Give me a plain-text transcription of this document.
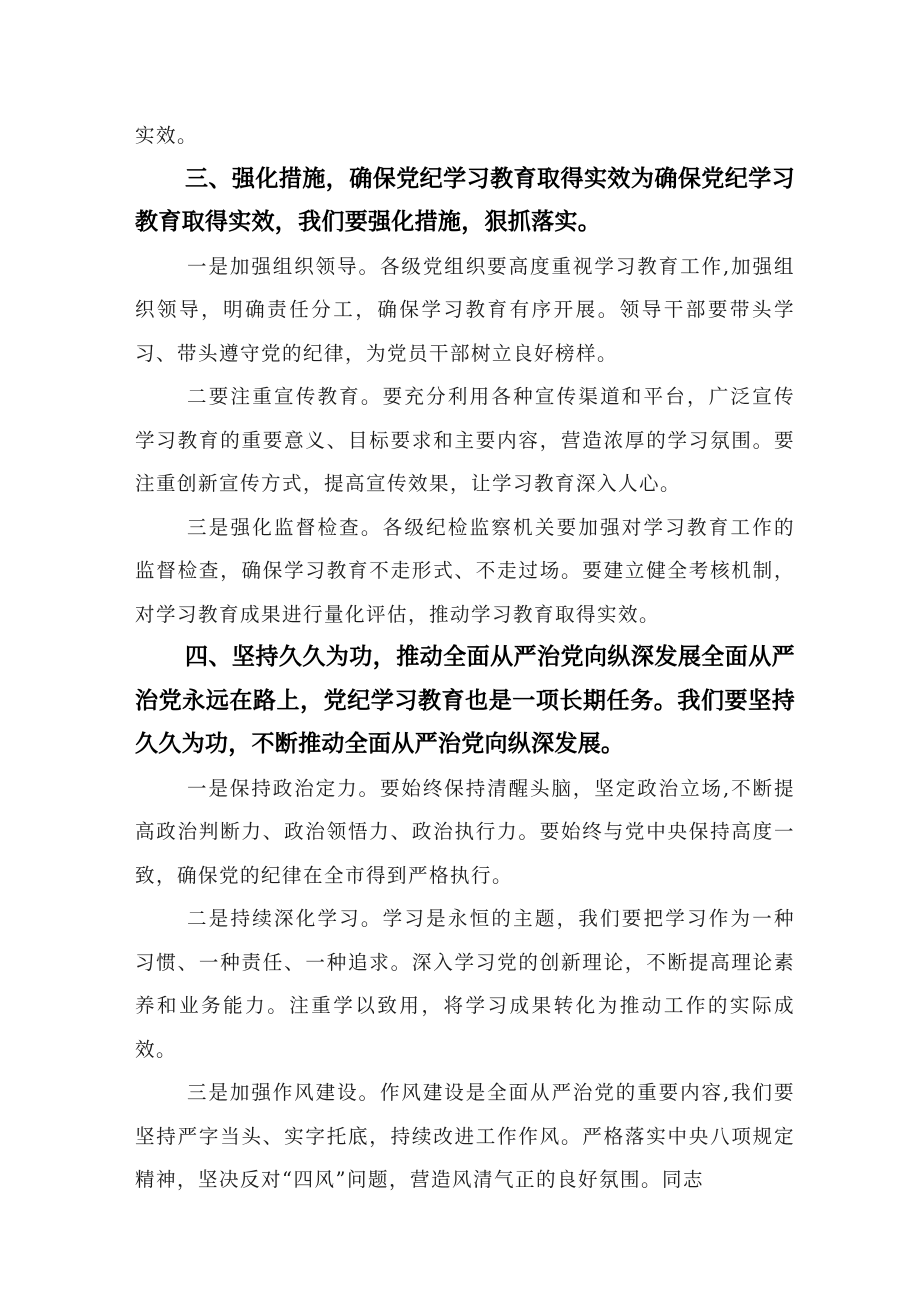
实效。

三、强化措施，确保党纪学习教育取得实效为确保党纪学习教育取得实效，我们要强化措施，狠抓落实。

一是加强组织领导。各级党组织要高度重视学习教育工作,加强组织领导，明确责任分工，确保学习教育有序开展。领导干部要带头学习、带头遵守党的纪律，为党员干部树立良好榜样。

二要注重宣传教育。要充分利用各种宣传渠道和平台，广泛宣传学习教育的重要意义、目标要求和主要内容，营造浓厚的学习氛围。要注重创新宣传方式，提高宣传效果，让学习教育深入人心。

三是强化监督检查。各级纪检监察机关要加强对学习教育工作的监督检查，确保学习教育不走形式、不走过场。要建立健全考核机制，对学习教育成果进行量化评估，推动学习教育取得实效。

四、坚持久久为功，推动全面从严治党向纵深发展全面从严治党永远在路上，党纪学习教育也是一项长期任务。我们要坚持久久为功，不断推动全面从严治党向纵深发展。

一是保持政治定力。要始终保持清醒头脑，坚定政治立场,不断提高政治判断力、政治领悟力、政治执行力。要始终与党中央保持高度一致，确保党的纪律在全市得到严格执行。

二是持续深化学习。学习是永恒的主题，我们要把学习作为一种习惯、一种责任、一种追求。深入学习党的创新理论，不断提高理论素养和业务能力。注重学以致用，将学习成果转化为推动工作的实际成效。

三是加强作风建设。作风建设是全面从严治党的重要内容,我们要坚持严字当头、实字托底，持续改进工作作风。严格落实中央八项规定精神，坚决反对“四风”问题，营造风清气正的良好氛围。同志
